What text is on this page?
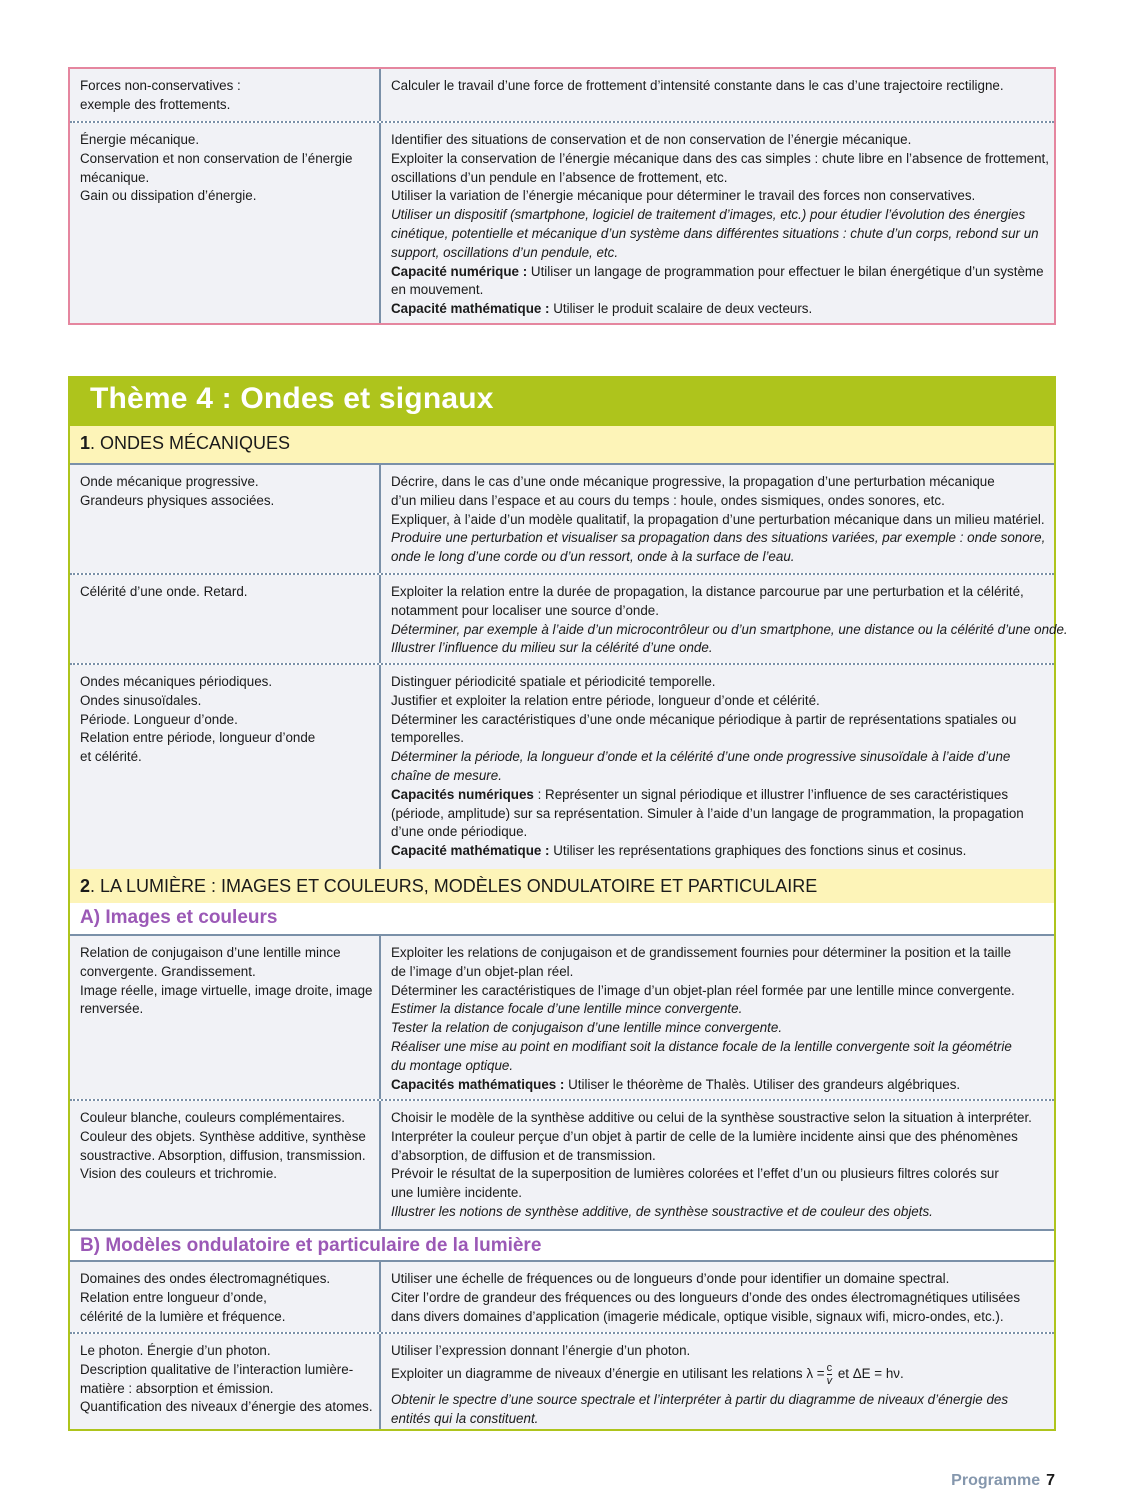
Forces non-conservatives :
exemple des frottements.
Calculer le travail d’une force de frottement d’intensité constante dans le cas d’une trajectoire rectiligne.
Énergie mécanique.
Conservation et non conservation de l’énergie
mécanique.
Gain ou dissipation d’énergie.
Identifier des situations de conservation et de non conservation de l’énergie mécanique.
Exploiter la conservation de l’énergie mécanique dans des cas simples : chute libre en l’absence de frottement,
oscillations d’un pendule en l’absence de frottement, etc.
Utiliser la variation de l’énergie mécanique pour déterminer le travail des forces non conservatives.
Utiliser un dispositif (smartphone, logiciel de traitement d’images, etc.) pour étudier l’évolution des énergies
cinétique, potentielle et mécanique d’un système dans différentes situations : chute d’un corps, rebond sur un
support, oscillations d’un pendule, etc.
Capacité numérique : Utiliser un langage de programmation pour effectuer le bilan énergétique d’un système
en mouvement.
Capacité mathématique : Utiliser le produit scalaire de deux vecteurs.
Thème 4 : Ondes et signaux
1. ONDES MÉCANIQUES
Onde mécanique progressive.
Grandeurs physiques associées.
Décrire, dans le cas d’une onde mécanique progressive, la propagation d’une perturbation mécanique
d’un milieu dans l’espace et au cours du temps : houle, ondes sismiques, ondes sonores, etc.
Expliquer, à l’aide d’un modèle qualitatif, la propagation d’une perturbation mécanique dans un milieu matériel.
Produire une perturbation et visualiser sa propagation dans des situations variées, par exemple : onde sonore,
onde le long d’une corde ou d’un ressort, onde à la surface de l’eau.
Célérité d’une onde. Retard.	Exploiter la relation entre la durée de propagation, la distance parcourue par une perturbation et la célérité,
notamment pour localiser une source d’onde.
Déterminer, par exemple à l’aide d’un microcontrôleur ou d’un smartphone, une distance ou la célérité d’une onde.
Illustrer l’influence du milieu sur la célérité d’une onde.
Ondes mécaniques périodiques.
Ondes sinusoïdales.
Période. Longueur d’onde.
Relation entre période, longueur d’onde
et célérité.
Distinguer périodicité spatiale et périodicité temporelle.
Justifier et exploiter la relation entre période, longueur d’onde et célérité.
Déterminer les caractéristiques d’une onde mécanique périodique à partir de représentations spatiales ou
temporelles.
Déterminer la période, la longueur d’onde et la célérité d’une onde progressive sinusoïdale à l’aide d’une
chaîne de mesure.
Capacités numériques : Représenter un signal périodique et illustrer l’influence de ses caractéristiques
(période, amplitude) sur sa représentation. Simuler à l’aide d’un langage de programmation, la propagation
d’une onde périodique.
Capacité mathématique : Utiliser les représentations graphiques des fonctions sinus et cosinus.
2. LA LUMIÈRE : IMAGES ET COULEURS, MODÈLES ONDULATOIRE ET PARTICULAIRE
A) Images et couleurs
Relation de conjugaison d’une lentille mince
convergente. Grandissement.
Image réelle, image virtuelle, image droite, image
renversée.
Exploiter les relations de conjugaison et de grandissement fournies pour déterminer la position et la taille
de l’image d’un objet-plan réel.
Déterminer les caractéristiques de l’image d’un objet-plan réel formée par une lentille mince convergente.
Estimer la distance focale d’une lentille mince convergente.
Tester la relation de conjugaison d’une lentille mince convergente.
Réaliser une mise au point en modifiant soit la distance focale de la lentille convergente soit la géométrie
du montage optique.
Capacités mathématiques : Utiliser le théorème de Thalès. Utiliser des grandeurs algébriques.
Couleur blanche, couleurs complémentaires.
Couleur des objets. Synthèse additive, synthèse
soustractive. Absorption, diffusion, transmission.
Vision des couleurs et trichromie.
Choisir le modèle de la synthèse additive ou celui de la synthèse soustractive selon la situation à interpréter.
Interpréter la couleur perçue d’un objet à partir de celle de la lumière incidente ainsi que des phénomènes
d’absorption, de diffusion et de transmission.
Prévoir le résultat de la superposition de lumières colorées et l’effet d’un ou plusieurs filtres colorés sur
une lumière incidente.
Illustrer les notions de synthèse additive, de synthèse soustractive et de couleur des objets.
B) Modèles ondulatoire et particulaire de la lumière
Domaines des ondes électromagnétiques.
Relation entre longueur d’onde,
célérité de la lumière et fréquence.
Utiliser une échelle de fréquences ou de longueurs d’onde pour identifier un domaine spectral.
Citer l’ordre de grandeur des fréquences ou des longueurs d’onde des ondes électromagnétiques utilisées
dans divers domaines d’application (imagerie médicale, optique visible, signaux wifi, micro-ondes, etc.).
Le photon. Énergie d’un photon.
Description qualitative de l’interaction lumière-
matière : absorption et émission.
Quantification des niveaux d’énergie des atomes.
Utiliser l’expression donnant l’énergie d’un photon.
Exploiter un diagramme de niveaux d’énergie en utilisant les relations $\lambda = \frac{c}{v}$ et ΔE = hν.
Obtenir le spectre d’une source spectrale et l’interpréter à partir du diagramme de niveaux d’énergie des
entités qui la constituent.
Programme 7
